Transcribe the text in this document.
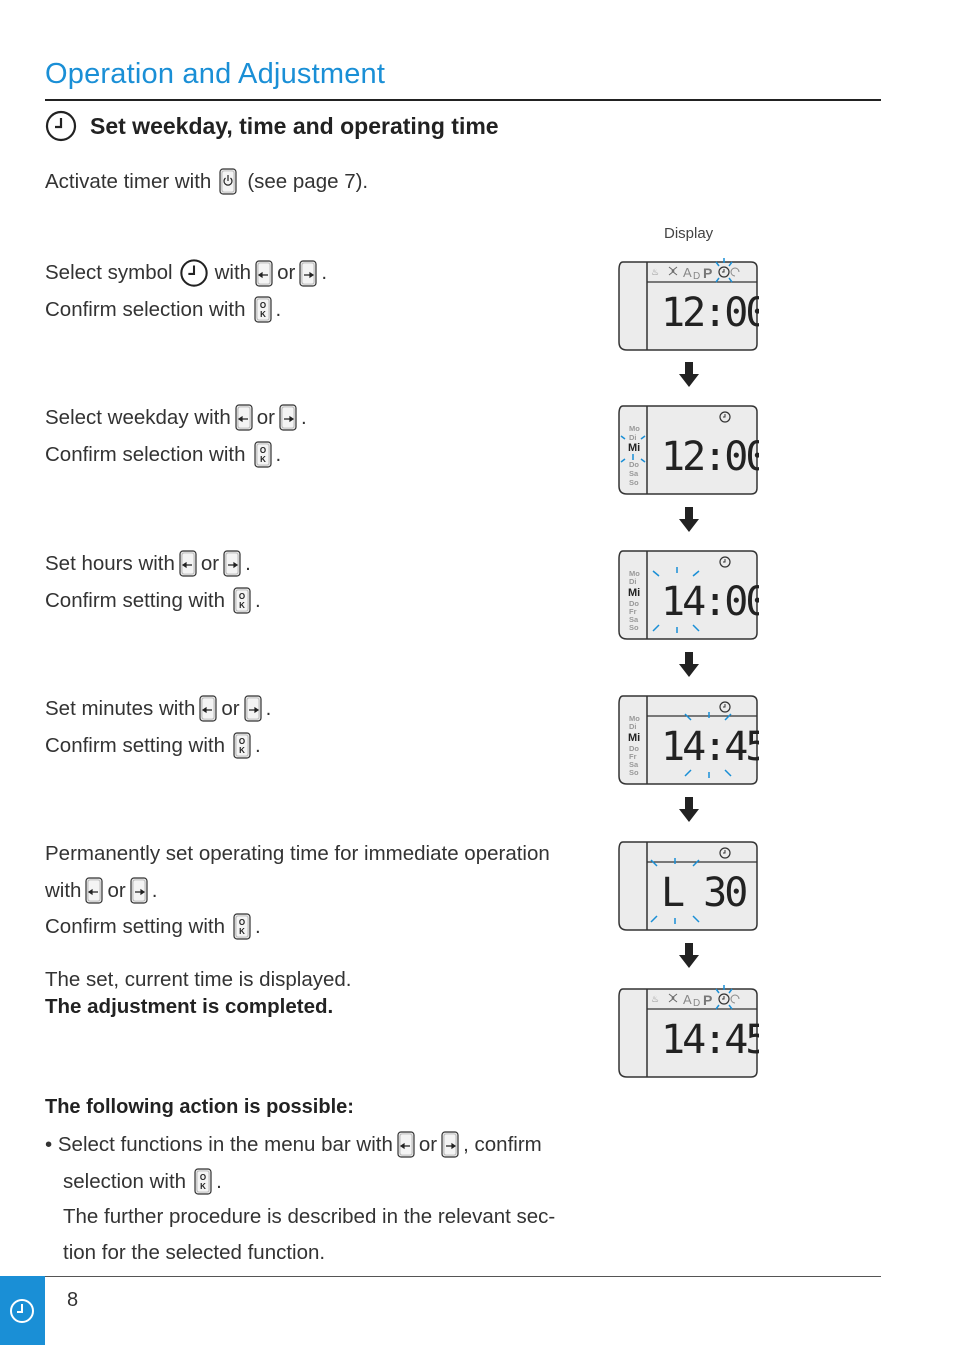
Operation and Adjustment
Set weekday, time and operating time
Activate timer with (see page 7).
Display
Select symbol with or .
Confirm selection with O
K .
Select weekday with or .
Confirm selection with O
K .
Set hours with or .
Confirm setting with O
K .
Set minutes with or .
Confirm setting with O
K .
Permanently set operating time for immediate operation
with or .
Confirm setting with O
K .
The set, current time is displayed.
The adjustment is completed.
The following action is possible:
• Select functions in the menu bar with or , confirm
selection with O
K .
The further procedure is described in the relevant sec-
tion for the selected function.
♨ A D P
12:00
Mo
Di
Do
Sa
So
Mi 12:00
Mo
Di
Do
Fr
Sa
So
Mi 14:00
Mo
Di
Do
Fr
Sa
So
Mi 14:45
L 30
♨ A D P
14:45
8
